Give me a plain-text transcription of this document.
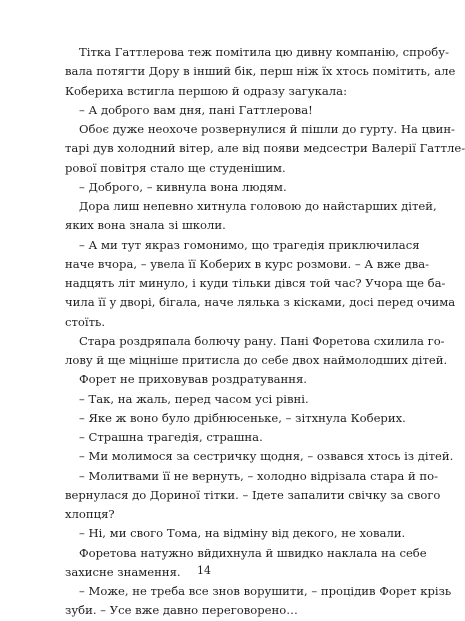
Тітка Гаттлерова теж помітила цю дивну компанію, спробу-
вала потягти Дору в інший бік, перш ніж їх хтось помітить, але
Кобериха встигла першою й одразу загукала:
– А доброго вам дня, пані Гаттлерова!
Обоє дуже неохоче розвернулися й пішли до гурту. На цвин-
тарі дув холодний вітер, але від появи медсестри Валерії Гаттле-
рової повітря стало ще студенішим.
– Доброго, – кивнула вона людям.
Дора лиш непевно хитнула головою до найстарших дітей,
яких вона знала зі школи.
– А ми тут якраз гомонимо, що трагедія приключилася
наче вчора, – увела її Коберих в курс розмови. – А вже два-
надцять літ минуло, і куди тільки дівся той час? Учора ще ба-
чила її у дворі, бігала, наче лялька з кісками, досі перед очима
стоїть.
Стара роздряпала болючу рану. Пані Форетова схилила го-
лову й ще міцніше притисла до себе двох наймолодших дітей.
Форет не приховував роздратування.
– Так, на жаль, перед часом усі рівні.
– Яке ж воно було дрібнюсеньке, – зітхнула Коберих.
– Страшна трагедія, страшна.
– Ми молимося за сестричку щодня, – озвався хтось із дітей.
– Молитвами її не вернуть, – холодно відрізала стара й по-
вернулася до Дориної тітки. – Ідете запалити свічку за свого
хлопця?
– Ні, ми свого Тома, на відміну від декого, не ховали.
Форетова натужно вйдихнула й швидко наклала на себе
захисне знамення.
– Може, не треба все знов ворушити, – процідив Форет крізь
зуби. – Усе вже давно переговорено…
14
